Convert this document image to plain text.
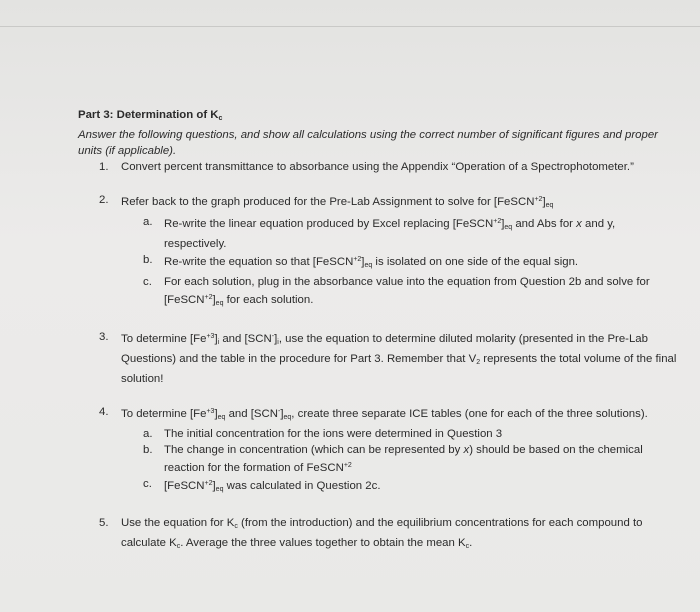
Part 3: Determination of $K_c$

Answer the following questions, and show all calculations using the correct number of significant figures and proper units (if applicable).

1. Convert percent transmittance to absorbance using the Appendix “Operation of a Spectrophotometer.”
2. Refer back to the graph produced for the Pre-Lab Assignment to solve for $[FeSCN^{+2}]_{eq}$
a. Re-write the linear equation produced by Excel replacing $[FeSCN^{+2}]_{eq}$ and Abs for x and y, respectively.
b. Re-write the equation so that $[FeSCN^{+2}]_{eq}$ is isolated on one side of the equal sign.
c. For each solution, plug in the absorbance value into the equation from Question 2b and solve for $[FeSCN^{+2}]_{eq}$ for each solution.
3. To determine $[Fe^{+3}]_i$ and $[SCN^-]_i$, use the equation to determine diluted molarity (presented in the Pre-Lab Questions) and the table in the procedure for Part 3. Remember that $V_2$ represents the total volume of the final solution!
4. To determine $[Fe^{+3}]_{eq}$ and $[SCN^-]_{eq}$, create three separate ICE tables (one for each of the three solutions).
a. The initial concentration for the ions were determined in Question 3
b. The change in concentration (which can be represented by x) should be based on the chemical reaction for the formation of FeSCN$^{+2}$
c. $[FeSCN^{+2}]_{eq}$ was calculated in Question 2c.
5. Use the equation for $K_c$ (from the introduction) and the equilibrium concentrations for each compound to calculate $K_c$. Average the three values together to obtain the mean $K_c$.
